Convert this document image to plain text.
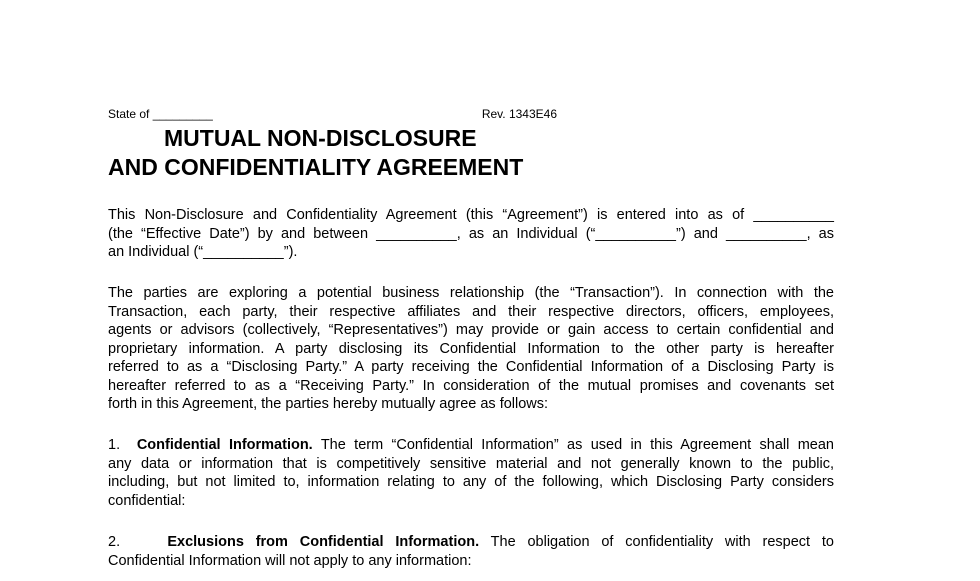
State of _________	Rev. 1343E46
MUTUAL NON-DISCLOSURE
AND CONFIDENTIALITY AGREEMENT
This Non-Disclosure and Confidentiality Agreement (this “Agreement”) is entered into as of __________
(the “Effective Date”) by and between __________, as an Individual (“__________”) and __________, as
an Individual (“__________”).
The parties are exploring a potential business relationship (the “Transaction”). In connection with the
Transaction, each party, their respective affiliates and their respective directors, officers, employees,
agents or advisors (collectively, “Representatives”) may provide or gain access to certain confidential and
proprietary information. A party disclosing its Confidential Information to the other party is hereafter
referred to as a “Disclosing Party.” A party receiving the Confidential Information of a Disclosing Party is
hereafter referred to as a “Receiving Party.” In consideration of the mutual promises and covenants set
forth in this Agreement, the parties hereby mutually agree as follows:
1. Confidential Information. The term “Confidential Information” as used in this Agreement shall mean
any data or information that is competitively sensitive material and not generally known to the public,
including, but not limited to, information relating to any of the following, which Disclosing Party considers
confidential:
2.	Exclusions from Confidential Information. The obligation of confidentiality with respect to
Confidential Information will not apply to any information:
